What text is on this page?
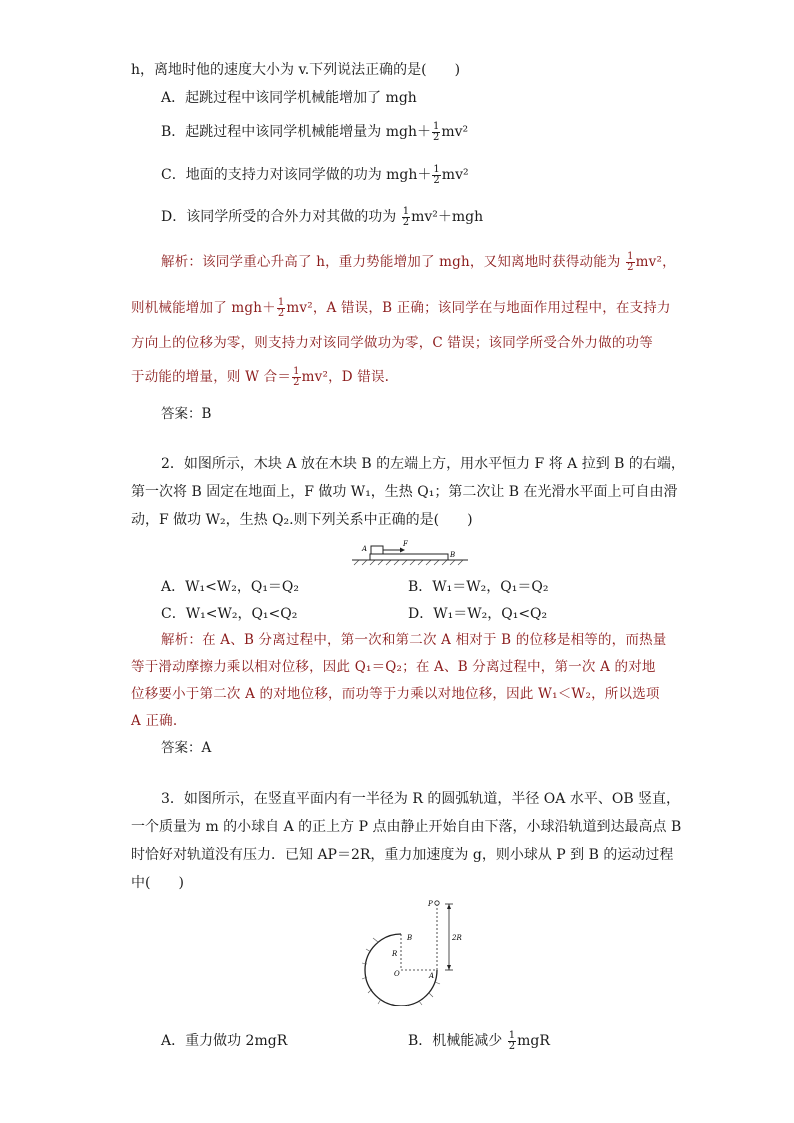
h，离地时他的速度大小为 v.下列说法正确的是(　　)
A．起跳过程中该同学机械能增加了 mgh
B．起跳过程中该同学机械能增量为 $mgh+ \frac{1}{2} mv^2$
C．地面的支持力对该同学做的功为 $mgh+ \frac{1}{2} mv^2$
D．该同学所受的合外力对其做的功为 $\frac{1}{2} mv^2+mgh$
解析：该同学重心升高了 h，重力势能增加了 mgh，又知离地时获得动能为 $\frac{1}{2} mv^2$，
则机械能增加了 $mgh+ \frac{1}{2} mv^2$，A 错误，B 正确；该同学在与地面作用过程中，在支持力
方向上的位移为零，则支持力对该同学做功为零，C 错误；该同学所受合外力做的功等
于动能的增量，则 W 合＝ $\frac{1}{2} mv^2$，D 错误.
答案：B
2．如图所示，木块 A 放在木块 B 的左端上方，用水平恒力 F 将 A 拉到 B 的右端，
第一次将 B 固定在地面上，F 做功 W₁，生热 Q₁；第二次让 B 在光滑水平面上可自由滑
动，F 做功 W₂，生热 Q₂.则下列关系中正确的是(　　)
A
F
B
A．W₁<W₂，Q₁＝Q₂	B．W₁＝W₂，Q₁＝Q₂
C．W₁<W₂，Q₁<Q₂	D．W₁＝W₂，Q₁<Q₂
解析：在 A、B 分离过程中，第一次和第二次 A 相对于 B 的位移是相等的，而热量
等于滑动摩擦力乘以相对位移，因此 Q₁＝Q₂；在 A、B 分离过程中，第一次 A 的对地
位移要小于第二次 A 的对地位移，而功等于力乘以对地位移，因此 W₁＜W₂，所以选项
A 正确.
答案：A
3．如图所示，在竖直平面内有一半径为 R 的圆弧轨道，半径 OA 水平、OB 竖直，
一个质量为 m 的小球自 A 的正上方 P 点由静止开始自由下落，小球沿轨道到达最高点 B
时恰好对轨道没有压力．已知 AP＝2R，重力加速度为 g，则小球从 P 到 B 的运动过程
中(　　)
P
B
R
2R
O	A
A．重力做功 2mgR	B．机械能减少 $\frac{1}{2}$ mgR
